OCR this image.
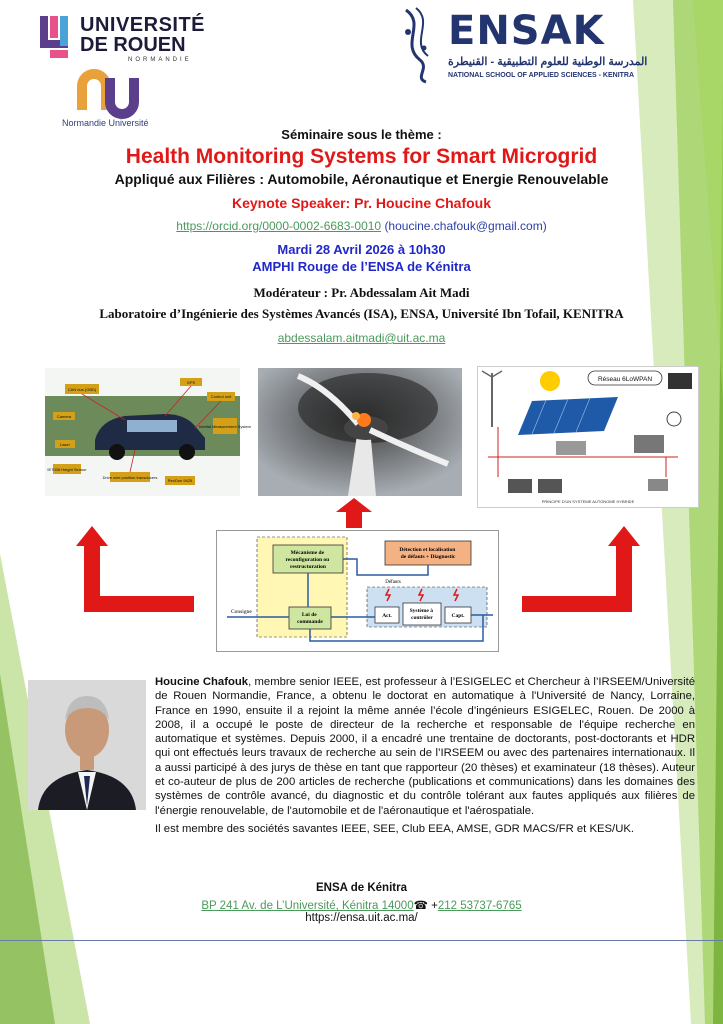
UNIVERSITÉ
DE ROUEN
NORMANDIE
Normandie Université
ENSAK
المدرسة الوطنية للعلوم التطبيقية - القنيطرة
NATIONAL SCHOOL OF APPLIED SCIENCES - KENITRA
Séminaire sous le thème :
Health Monitoring Systems for Smart Microgrid
Appliqué aux Filières : Automobile, Aéronautique et Energie Renouvelable
Keynote Speaker: Pr. Houcine Chafouk
https://orcid.org/0000-0002-6683-0010 (houcine.chafouk@gmail.com)
Mardi 28 Avril 2026 à 10h30
AMPHI Rouge de l’ENSA de Kénitra
Modérateur : Pr. Abdessalam Ait Madi
Laboratoire d’Ingénierie des Systèmes Avancés (ISA), ENSA, Université Ibn Tofail, KENITRA
abdessalam.aitmadi@uit.ac.ma
CAN bus (OBD)
GPS
Camera
Control unit
Laser
Inertial Measurement System
IE7006 Height Sensor
Drive wire position transducers
RexDon 9425
Réseau 6LoWPAN
PRINCIPE D'UN SYSTEME AUTONOME HYBRIDE
Mécanisme de reconfiguration ou restructuration
Détection et localisation de défauts + Diagnostic
Défauts
Loi de commande
Act.
Système à contrôler	Capt.
Consigne

Houcine Chafouk, membre senior IEEE, est professeur à l’ESIGELEC et Chercheur à l’IRSEEM/Université de Rouen Normandie, France, a obtenu le doctorat en automatique à l'Université de Nancy, Lorraine, France en 1990, ensuite il a rejoint la même année l’école d’ingénieurs ESIGELEC, Rouen. De 2000 à 2008, il a occupé le poste de directeur de la recherche et responsable de l'équipe recherche en automatique et systèmes. Depuis 2000, il a encadré une trentaine de doctorants, post-doctorants et HDR qui ont effectués leurs travaux de recherche au sein de l’IRSEEM ou avec des partenaires internationaux. Il a aussi participé à des jurys de thèse en tant que rapporteur (20 thèses) et examinateur (18 thèses). Auteur et co-auteur de plus de 200 articles de recherche (publications et communications) dans les domaines des systèmes de contrôle avancé, du diagnostic et du contrôle tolérant aux fautes appliqués aux filières de l'énergie renouvelable, de l'automobile et de l'aéronautique et l'aérospatiale.

Il est membre des sociétés savantes IEEE, SEE, Club EEA, AMSE, GDR MACS/FR et KES/UK.

ENSA de Kénitra
BP 241 Av. de L’Université, Kénitra 14000☎ +212 53737-6765
https://ensa.uit.ac.ma/
